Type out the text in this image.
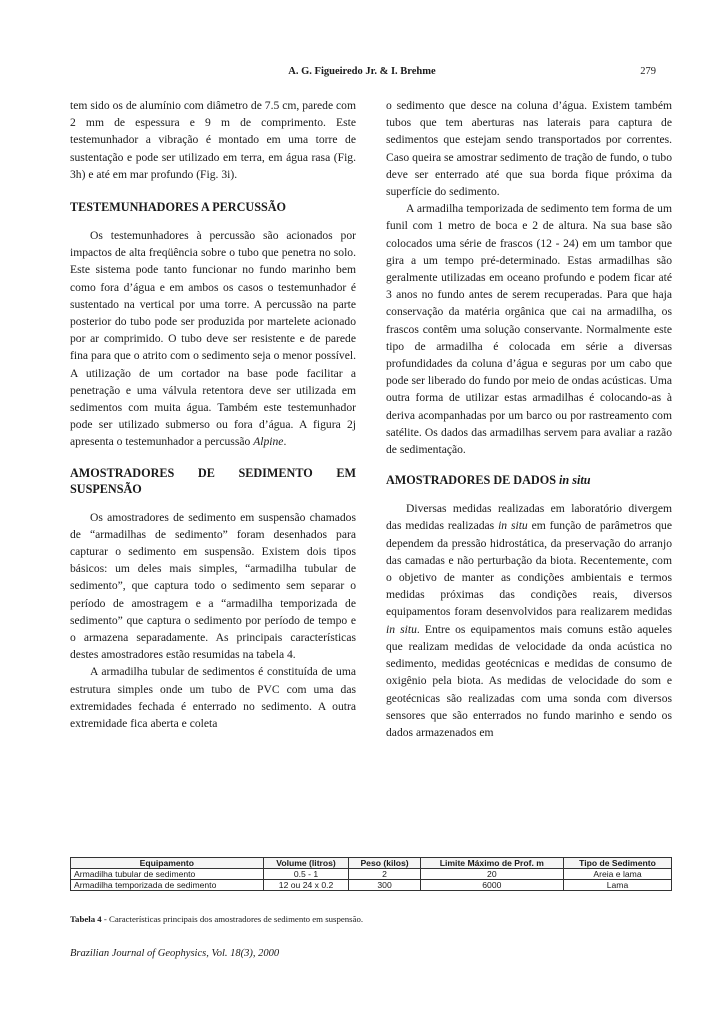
A. G. Figueiredo Jr. & I. Brehme	279

tem sido os de alumínio com diâmetro de 7.5 cm, parede com 2 mm de espessura e 9 m de comprimento. Este testemunhador a vibração é montado em uma torre de sustentação e pode ser utilizado em terra, em água rasa (Fig. 3h) e até em mar profundo (Fig. 3i).

TESTEMUNHADORES A PERCUSSÃO

Os testemunhadores à percussão são acionados por impactos de alta freqüência sobre o tubo que penetra no solo. Este sistema pode tanto funcionar no fundo marinho bem como fora d’água e em ambos os casos o testemunhador é sustentado na vertical por uma torre. A percussão na parte posterior do tubo pode ser produzida por martelete acionado por ar comprimido. O tubo deve ser resistente e de parede fina para que o atrito com o sedimento seja o menor possível. A utilização de um cortador na base pode facilitar a penetração e uma válvula retentora deve ser utilizada em sedimentos com muita água. Também este testemunhador pode ser utilizado submerso ou fora d’água. A figura 2j apresenta o testemunhador a percussão Alpine.

AMOSTRADORES DE SEDIMENTO EM SUSPENSÃO

Os amostradores de sedimento em suspensão chamados de “armadilhas de sedimento” foram desenhados para capturar o sedimento em suspensão. Existem dois tipos básicos: um deles mais simples, “armadilha tubular de sedimento”, que captura todo o sedimento sem separar o período de amostragem e a “armadilha temporizada de sedimento” que captura o sedimento por período de tempo e o armazena separadamente. As principais características destes amostradores estão resumidas na tabela 4.

A armadilha tubular de sedimentos é constituída de uma estrutura simples onde um tubo de PVC com uma das extremidades fechada é enterrado no sedimento. A outra extremidade fica aberta e coleta

o sedimento que desce na coluna d’água. Existem também tubos que tem aberturas nas laterais para captura de sedimentos que estejam sendo transportados por correntes. Caso queira se amostrar sedimento de tração de fundo, o tubo deve ser enterrado até que sua borda fique próxima da superfície do sedimento.

A armadilha temporizada de sedimento tem forma de um funil com 1 metro de boca e 2 de altura. Na sua base são colocados uma série de frascos (12 - 24) em um tambor que gira a um tempo pré-determinado. Estas armadilhas são geralmente utilizadas em oceano profundo e podem ficar até 3 anos no fundo antes de serem recuperadas. Para que haja conservação da matéria orgânica que cai na armadilha, os frascos contêm uma solução conservante. Normalmente este tipo de armadilha é colocada em série a diversas profundidades da coluna d’água e seguras por um cabo que pode ser liberado do fundo por meio de ondas acústicas. Uma outra forma de utilizar estas armadilhas é colocando-as à deriva acompanhadas por um barco ou por rastreamento com satélite. Os dados das armadilhas servem para avaliar a razão de sedimentação.

AMOSTRADORES DE DADOS in situ

Diversas medidas realizadas em laboratório divergem das medidas realizadas in situ em função de parâmetros que dependem da pressão hidrostática, da preservação do arranjo das camadas e não perturbação da biota. Recentemente, com o objetivo de manter as condições ambientais e termos medidas próximas das condições reais, diversos equipamentos foram desenvolvidos para realizarem medidas in situ. Entre os equipamentos mais comuns estão aqueles que realizam medidas de velocidade da onda acústica no sedimento, medidas geotécnicas e medidas de consumo de oxigênio pela biota. As medidas de velocidade do som e geotécnicas são realizadas com uma sonda com diversos sensores que são enterrados no fundo marinho e sendo os dados armazenados em

Equipamento	Volume (litros)	Peso (kilos)	Limite Máximo de Prof. m	Tipo de Sedimento
Armadilha tubular de sedimento	0.5 - 1	2	20	Areia e lama
Armadilha temporizada de sedimento	12 ou 24 x 0.2	300	6000	Lama
Tabela 4 - Características principais dos amostradores de sedimento em suspensão.
Brazilian Journal of Geophysics, Vol. 18(3), 2000
